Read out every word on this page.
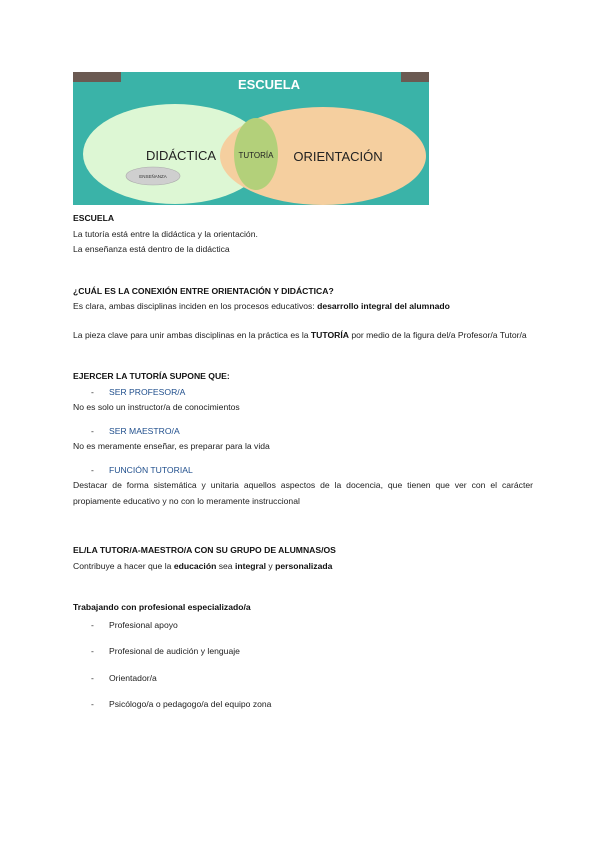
ESCUELA
DIDÁCTICA	TUTORÍA ORIENTACIÓN
ENSEÑANZA

ESCUELA

La tutoría está entre la didáctica y la orientación.

La enseñanza está dentro de la didáctica

¿CUÁL ES LA CONEXIÓN ENTRE ORIENTACIÓN Y DIDÁCTICA?

Es clara, ambas disciplinas inciden en los procesos educativos: desarrollo integral del alumnado

La pieza clave para unir ambas disciplinas en la práctica es la TUTORÍA por medio de la figura del/a Profesor/a Tutor/a

EJERCER LA TUTORÍA SUPONE QUE:

- SER PROFESOR/A

No es solo un instructor/a de conocimientos

- SER MAESTRO/A

No es meramente enseñar, es preparar para la vida

- FUNCIÓN TUTORIAL

Destacar de forma sistemática y unitaria aquellos aspectos de la docencia, que tienen que ver con el carácter propiamente educativo y no con lo meramente instruccional

EL/LA TUTOR/A-MAESTRO/A CON SU GRUPO DE ALUMNAS/OS

Contribuye a hacer que la educación sea integral y personalizada

Trabajando con profesional especializado/a

- Profesional apoyo

- Profesional de audición y lenguaje

- Orientador/a

- Psicólogo/a o pedagogo/a del equipo zona
